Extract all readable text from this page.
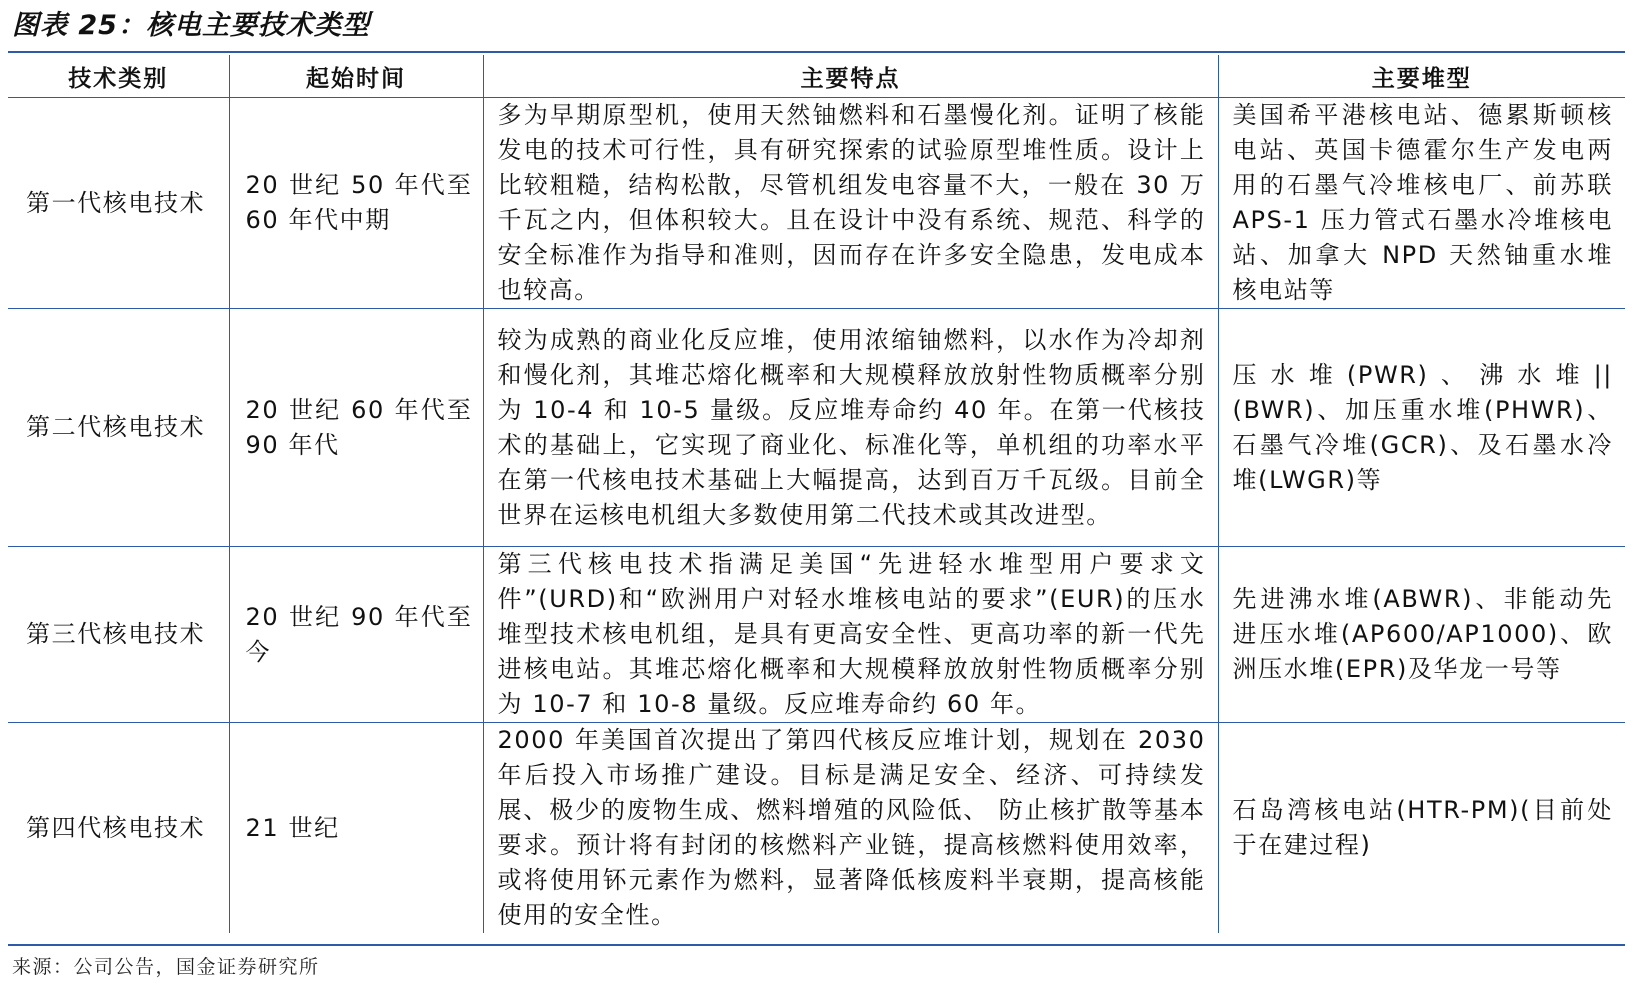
图表 25：核电主要技术类型
技术类别	起始时间	主要特点	主要堆型
第一代核电技术	20 世纪 50 年代至 60 年代中期	多为早期原型机，使用天然铀燃料和石墨慢化剂。证明了核能发电的技术可行性，具有研究探索的试验原型堆性质。设计上比较粗糙，结构松散，尽管机组发电容量不大，一般在 30 万千瓦之内，但体积较大。且在设计中没有系统、规范、科学的安全标准作为指导和准则，因而存在许多安全隐患，发电成本也较高。	美国希平港核电站、德累斯顿核电站、英国卡德霍尔生产发电两用的石墨气冷堆核电厂、前苏联 APS-1 压力管式石墨水冷堆核电站、加拿大 NPD 天然铀重水堆核电站等
第二代核电技术	20 世纪 60 年代至 90 年代	较为成熟的商业化反应堆，使用浓缩铀燃料，以水作为冷却剂和慢化剂，其堆芯熔化概率和大规模释放放射性物质概率分别为 10-4 和 10-5 量级。反应堆寿命约 40 年。在第一代核技术的基础上，它实现了商业化、标准化等，单机组的功率水平在第一代核电技术基础上大幅提高，达到百万千瓦级。目前全世界在运核电机组大多数使用第二代技术或其改进型。	压水堆(PWR)、沸水堆||(BWR)、加压重水堆(PHWR)、石墨气冷堆(GCR)、及石墨水冷堆(LWGR)等
第三代核电技术	20 世纪 90 年代至今	第三代核电技术指满足美国“先进轻水堆型用户要求文件”(URD)和“欧洲用户对轻水堆核电站的要求”(EUR)的压水堆型技术核电机组，是具有更高安全性、更高功率的新一代先进核电站。其堆芯熔化概率和大规模释放放射性物质概率分别为 10-7 和 10-8 量级。反应堆寿命约 60 年。	先进沸水堆(ABWR)、非能动先进压水堆(AP600/AP1000)、欧洲压水堆(EPR)及华龙一号等
第四代核电技术	21 世纪	2000 年美国首次提出了第四代核反应堆计划，规划在 2030 年后投入市场推广建设。目标是满足安全、经济、可持续发展、极少的废物生成、燃料增殖的风险低、 防止核扩散等基本要求。预计将有封闭的核燃料产业链，提高核燃料使用效率，或将使用钚元素作为燃料，显著降低核废料半衰期，提高核能使用的安全性。	石岛湾核电站(HTR-PM)(目前处于在建过程)
来源：公司公告，国金证券研究所
